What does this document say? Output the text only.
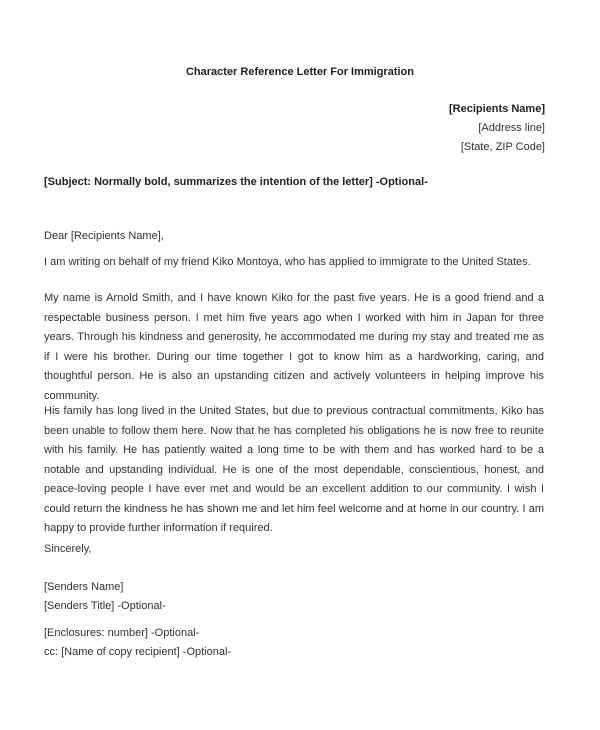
Character Reference Letter For Immigration
[Recipients Name]
[Address line]
[State, ZIP Code]
[Subject: Normally bold, summarizes the intention of the letter] -Optional-
Dear [Recipients Name],
I am writing on behalf of my friend Kiko Montoya, who has applied to immigrate to the United States.
My name is Arnold Smith, and I have known Kiko for the past five years. He is a good friend and a respectable business person. I met him five years ago when I worked with him in Japan for three years. Through his kindness and generosity, he accommodated me during my stay and treated me as if I were his brother. During our time together I got to know him as a hardworking, caring, and thoughtful person. He is also an upstanding citizen and actively volunteers in helping improve his community.
His family has long lived in the United States, but due to previous contractual commitments, Kiko has been unable to follow them here. Now that he has completed his obligations he is now free to reunite with his family. He has patiently waited a long time to be with them and has worked hard to be a notable and upstanding individual. He is one of the most dependable, conscientious, honest, and peace-loving people I have ever met and would be an excellent addition to our community. I wish I could return the kindness he has shown me and let him feel welcome and at home in our country. I am happy to provide further information if required.
Sincerely,
[Senders Name]
[Senders Title] -Optional-
[Enclosures: number] -Optional-
cc: [Name of copy recipient] -Optional-
